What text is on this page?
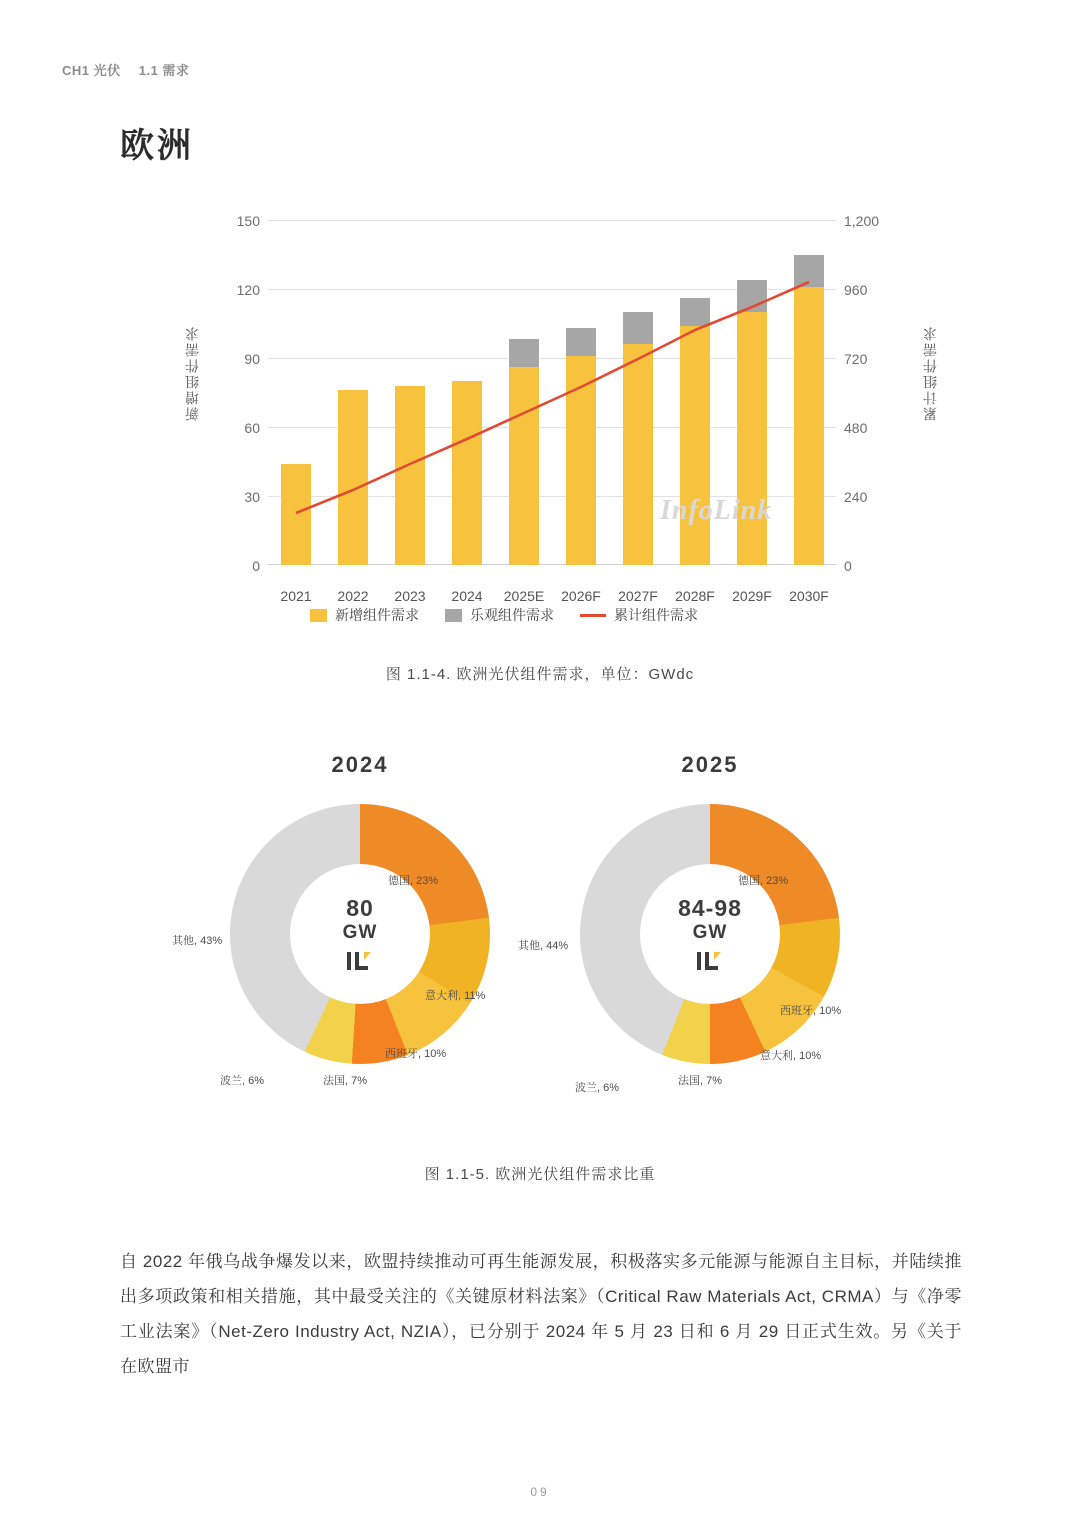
CH1 光伏 1.1 需求
欧洲
新增组件需求	累计组件需求
150
120
90
60
30
0
1,200
960
720
480
240
0
2021	2022	2023	2024	2025E	2026F	2027F	2028F	2029F	2030F
InfoLink
新增组件需求	乐观组件需求	累计组件需求
图 1.1-4. 欧洲光伏组件需求，单位：GWdc
2024
80
GW
德国, 23%
意大利, 11%
西班牙, 10%
法国, 7%
波兰, 6%
其他, 43%
2025
84-98
GW
德国, 23%
西班牙, 10%
意大利, 10%
法国, 7%
波兰, 6%
其他, 44%
图 1.1-5. 欧洲光伏组件需求比重
自 2022 年俄乌战争爆发以来，欧盟持续推动可再生能源发展，积极落实多元能源与能源自主目标，并陆续推出多项政策和相关措施，其中最受关注的《关键原材料法案》（Critical Raw Materials Act, CRMA）与《净零工业法案》（Net-Zero Industry Act, NZIA），已分别于 2024 年 5 月 23 日和 6 月 29 日正式生效。另《关于在欧盟市
09
